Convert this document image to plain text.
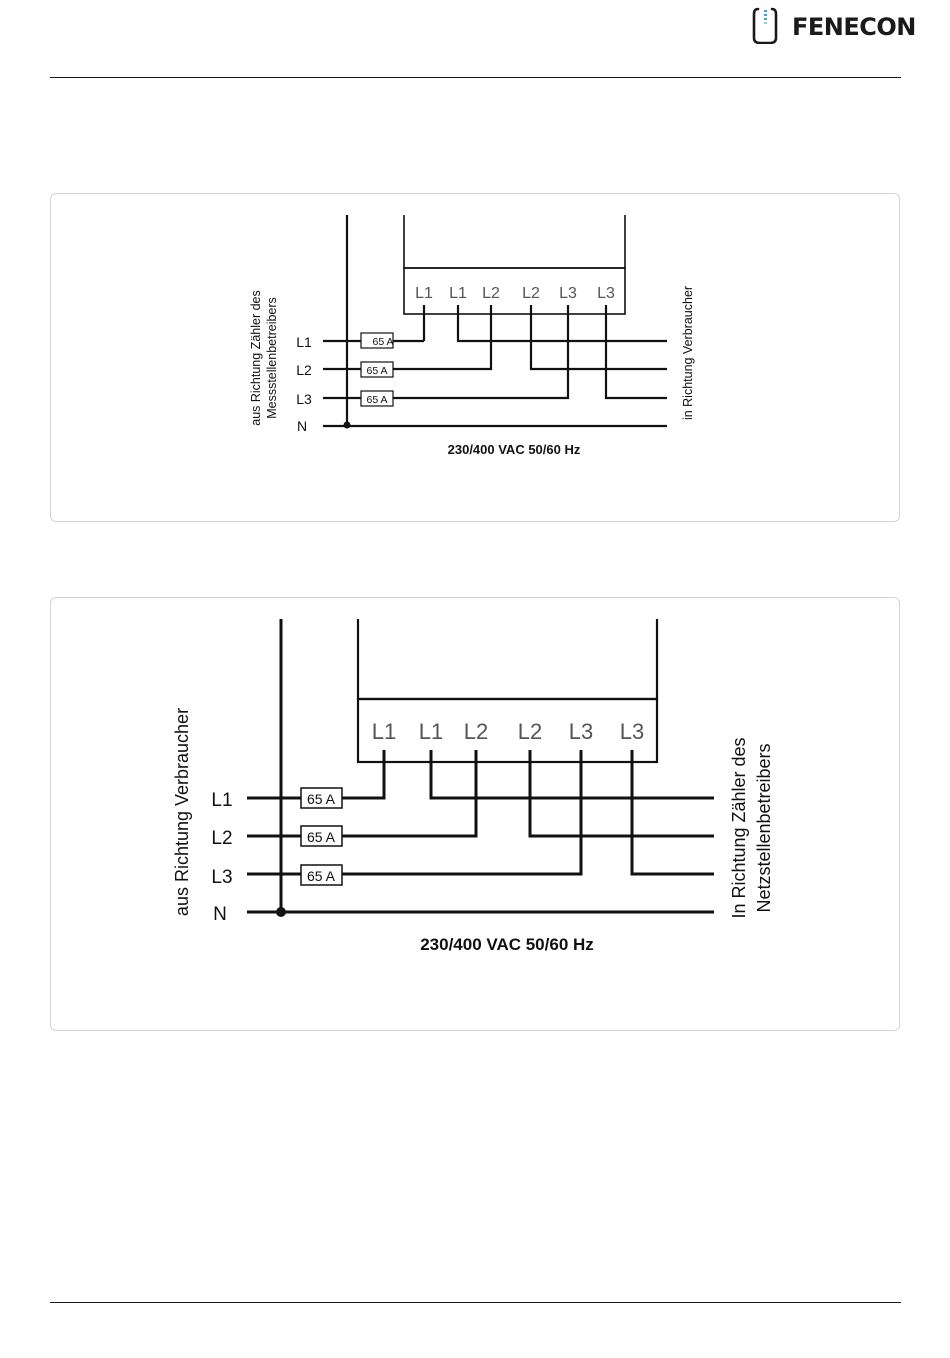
FENECON
65 A
65 A
65 A
L1
L2
L3
N
L1 L1 L2 L2 L3 L3
aus Richtung Zähler des Messstellenbetreibers	in Richtung Verbraucher
230/400 VAC 50/60 Hz
65 A
65 A
65 A
L1
L2
L3
N
L1 L1 L2 L2 L3 L3
aus Richtung Verbraucher	In Richtung Zähler des Netzstellenbetreibers
230/400 VAC 50/60 Hz
